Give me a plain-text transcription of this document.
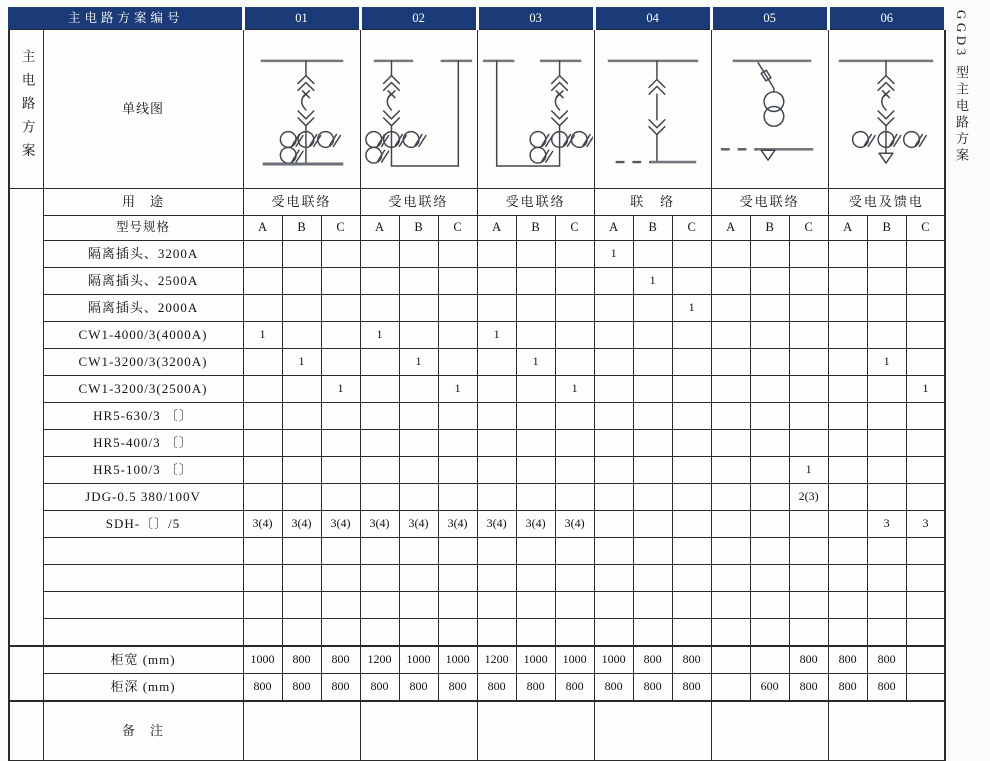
主电路方案编号		01			02			03			04			05			06		
主电路方案	单线图	

	用　途	受电联络			受电联络			受电联络			联　络			受电联络			受电及馈电		
	型号规格	A	B	C	A	B	C	A	B	C	A	B	C	A	B	C	A	B	C
	隔离插头、3200A										1								
	隔离插头、2500A											1							
	隔离插头、2000A												1						
	CW1-4000/3(4000A)	1			1			1											
	CW1-3200/3(3200A)		1			1			1									1	
	CW1-3200/3(2500A)			1			1			1									1
	HR5-630/3 〔〕																		
	HR5-400/3 〔〕																		
	HR5-100/3 〔〕															1			
	JDG-0.5 380/100V															2(3)			
	SDH-〔〕/5	3(4)	3(4)	3(4)	3(4)	3(4)	3(4)	3(4)	3(4)	3(4)								3	3

	柜宽 (mm)	1000	800	800	1200	1000	1000	1200	1000	1000	1000	800	800			800	800	800	
	柜深 (mm)	800	800	800	800	800	800	800	800	800	800	800	800		600	800	800	800	
	备　注																		
GGD3 型主电路方案
